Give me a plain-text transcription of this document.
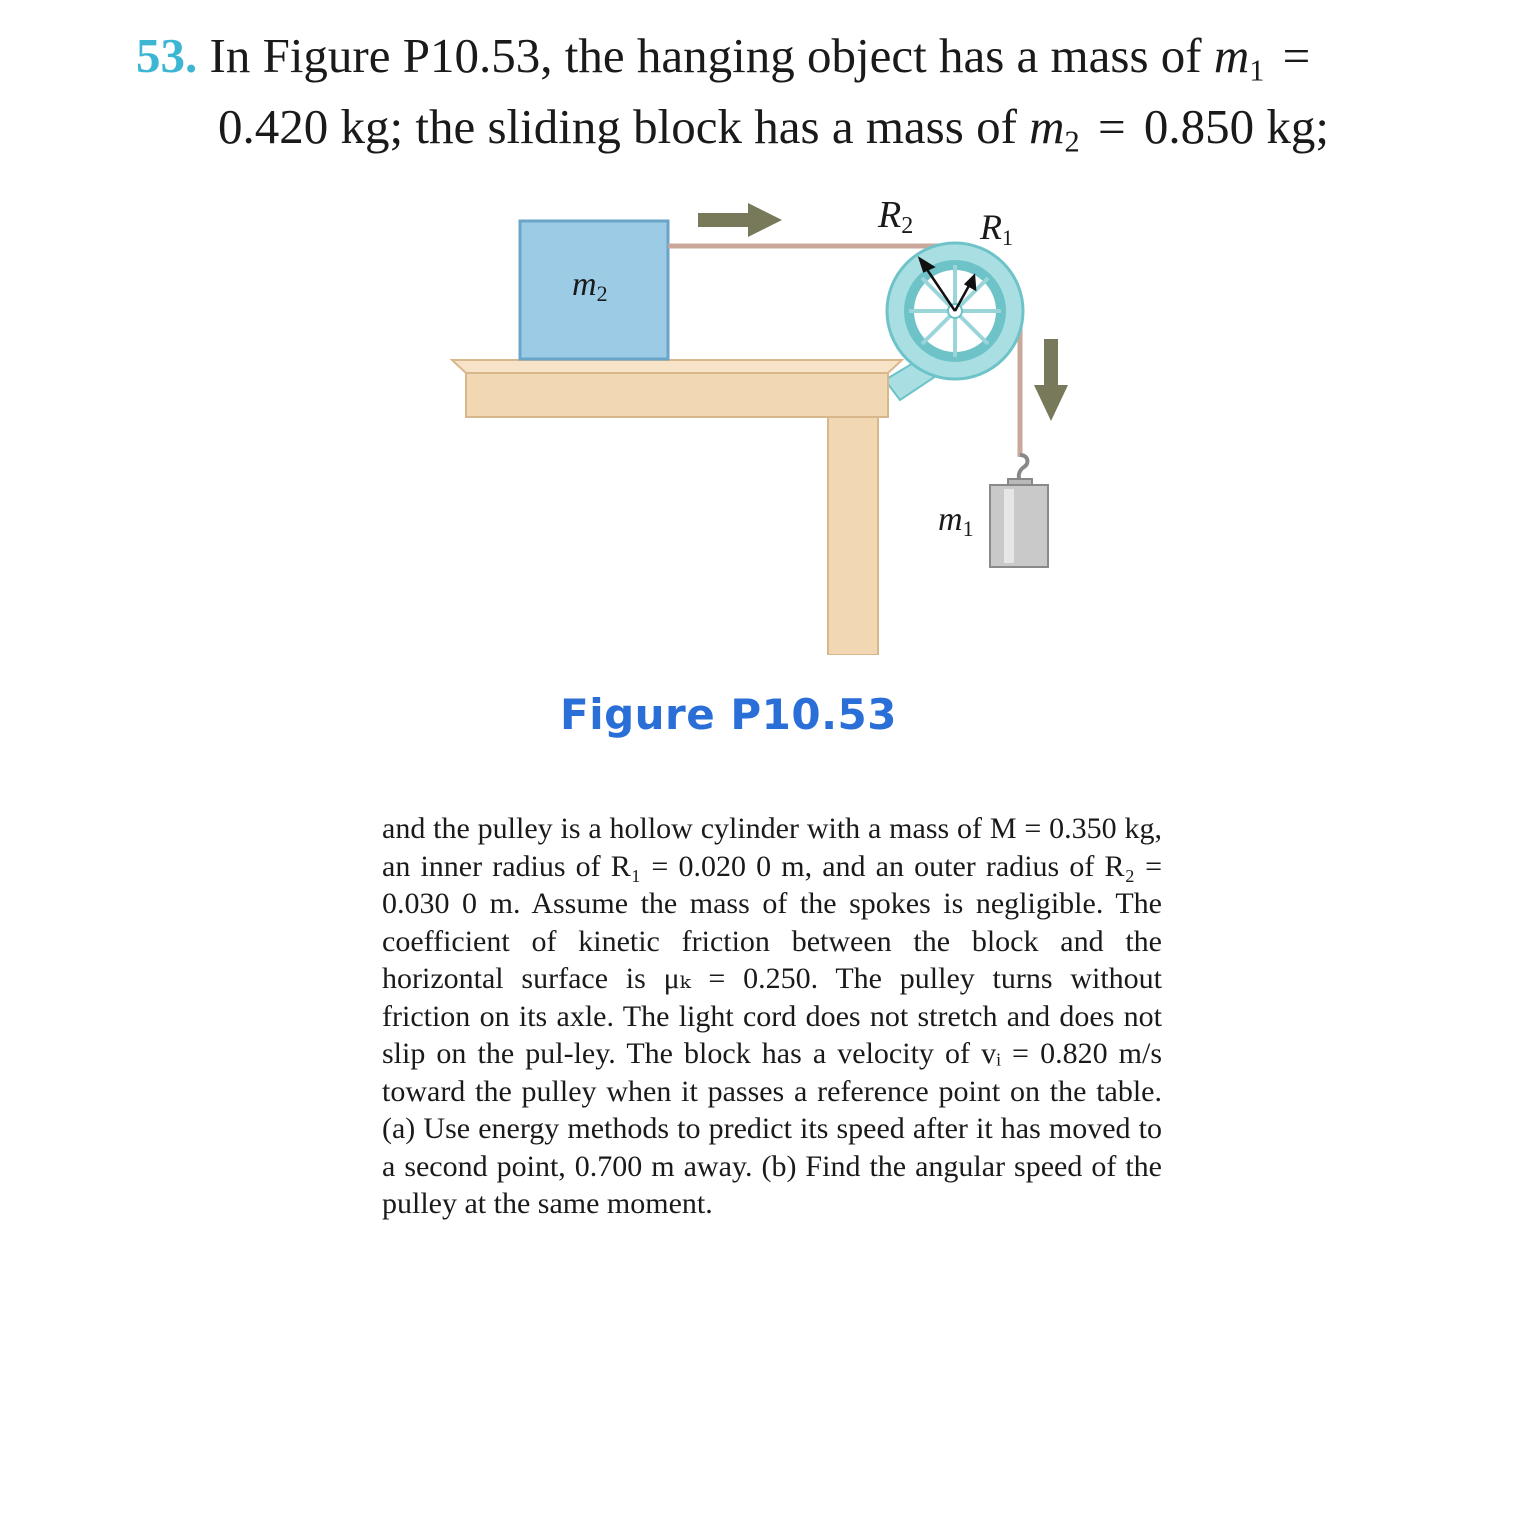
53. In Figure P10.53, the hanging object has a mass of $m_1$ =
0.420 kg; the sliding block has a mass of $m_2 = 0.850$ kg;
R2 R1
m2
m1
Figure P10.53

and the pulley is a hollow cylinder with a mass of M = 0.350 kg, an inner radius of R₁ = 0.020 0 m, and an outer radius of R₂ = 0.030 0 m. Assume the mass of the spokes is negligible. The coefficient of kinetic friction between the block and the horizontal surface is μₖ = 0.250. The pulley turns without friction on its axle. The light cord does not stretch and does not slip on the pul-ley. The block has a velocity of vᵢ = 0.820 m/s toward the pulley when it passes a reference point on the table. (a) Use energy methods to predict its speed after it has moved to a second point, 0.700 m away. (b) Find the angular speed of the pulley at the same moment.
